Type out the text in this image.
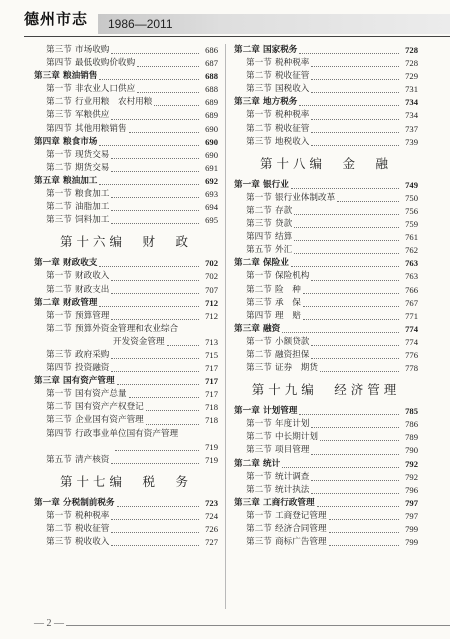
德州市志 1986—2011
第三节 市场收购	686
第四节 最低收购价收购	687
第三章 粮油销售	688
第一节 非农业人口供应	688
第二节 行业用粮　农村用粮	689
第三节 军粮供应	689
第四节 其他用粮销售	690
第四章 粮食市场	690
第一节 现货交易	690
第二节 期货交易	691
第五章 粮油加工	692
第一节 粮食加工	693
第二节 油脂加工	694
第三节 饲料加工	695
第十六编　财　政
第一章 财政收支	702
第一节 财政收入	702
第二节 财政支出	707
第二章 财政管理	712
第一节 预算管理	712
第二节 预算外资金管理和农业综合
开发资金管理	713
第三节 政府采购	715
第四节 投资融资	717
第三章 国有资产管理	717
第一节 国有资产总量	717
第二节 国有资产产权登记	718
第三节 企业国有资产管理	718
第四节 行政事业单位国有资产管理
719
第五节 清产核资	719
第十七编　税　务
第一章 分税制前税务	723
第一节 税种税率	724
第二节 税收征管	726
第三节 税收收入	727
第二章 国家税务	728
第一节 税种税率	728
第二节 税收征管	729
第三节 国税收入	731
第三章 地方税务	734
第一节 税种税率	734
第二节 税收征管	737
第三节 地税收入	739
第十八编　金　融
第一章 银行业	749
第一节 银行业体制改革	750
第二节 存款	756
第三节 贷款	759
第四节 结算	761
第五节 外汇	762
第二章 保险业	763
第一节 保险机构	763
第二节 险　种	766
第三节 承　保	767
第四节 理　赔	771
第三章 融资	774
第一节 小额贷款	774
第二节 融资担保	776
第三节 证券　期货	778
第十九编　经济管理
第一章 计划管理	785
第一节 年度计划	786
第二节 中长期计划	789
第三节 项目管理	790
第二章 统计	792
第一节 统计调查	792
第二节 统计执法	796
第三章 工商行政管理	797
第一节 工商登记管理	797
第二节 经济合同管理	799
第三节 商标广告管理	799
— 2 —
